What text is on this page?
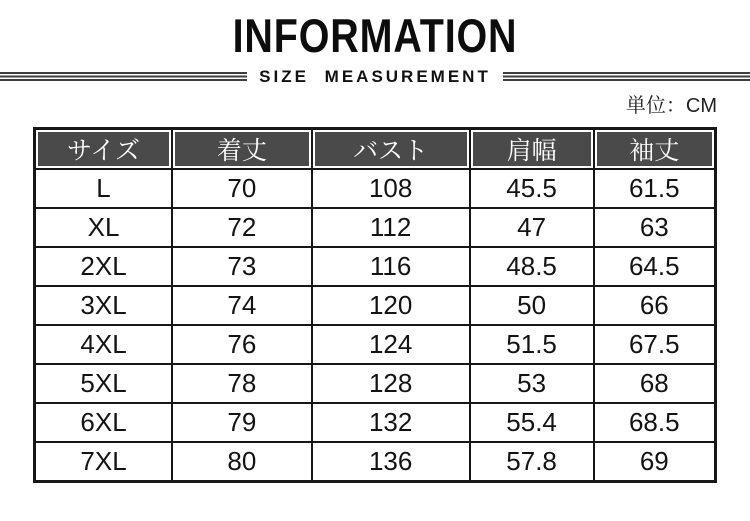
INFORMATION
SIZE MEASUREMENT
単位：CM
サイズ	着丈	バスト	肩幅	袖丈
L	70	108	45.5	61.5
XL	72	112	47	63
2XL	73	116	48.5	64.5
3XL	74	120	50	66
4XL	76	124	51.5	67.5
5XL	78	128	53	68
6XL	79	132	55.4	68.5
7XL	80	136	57.8	69
